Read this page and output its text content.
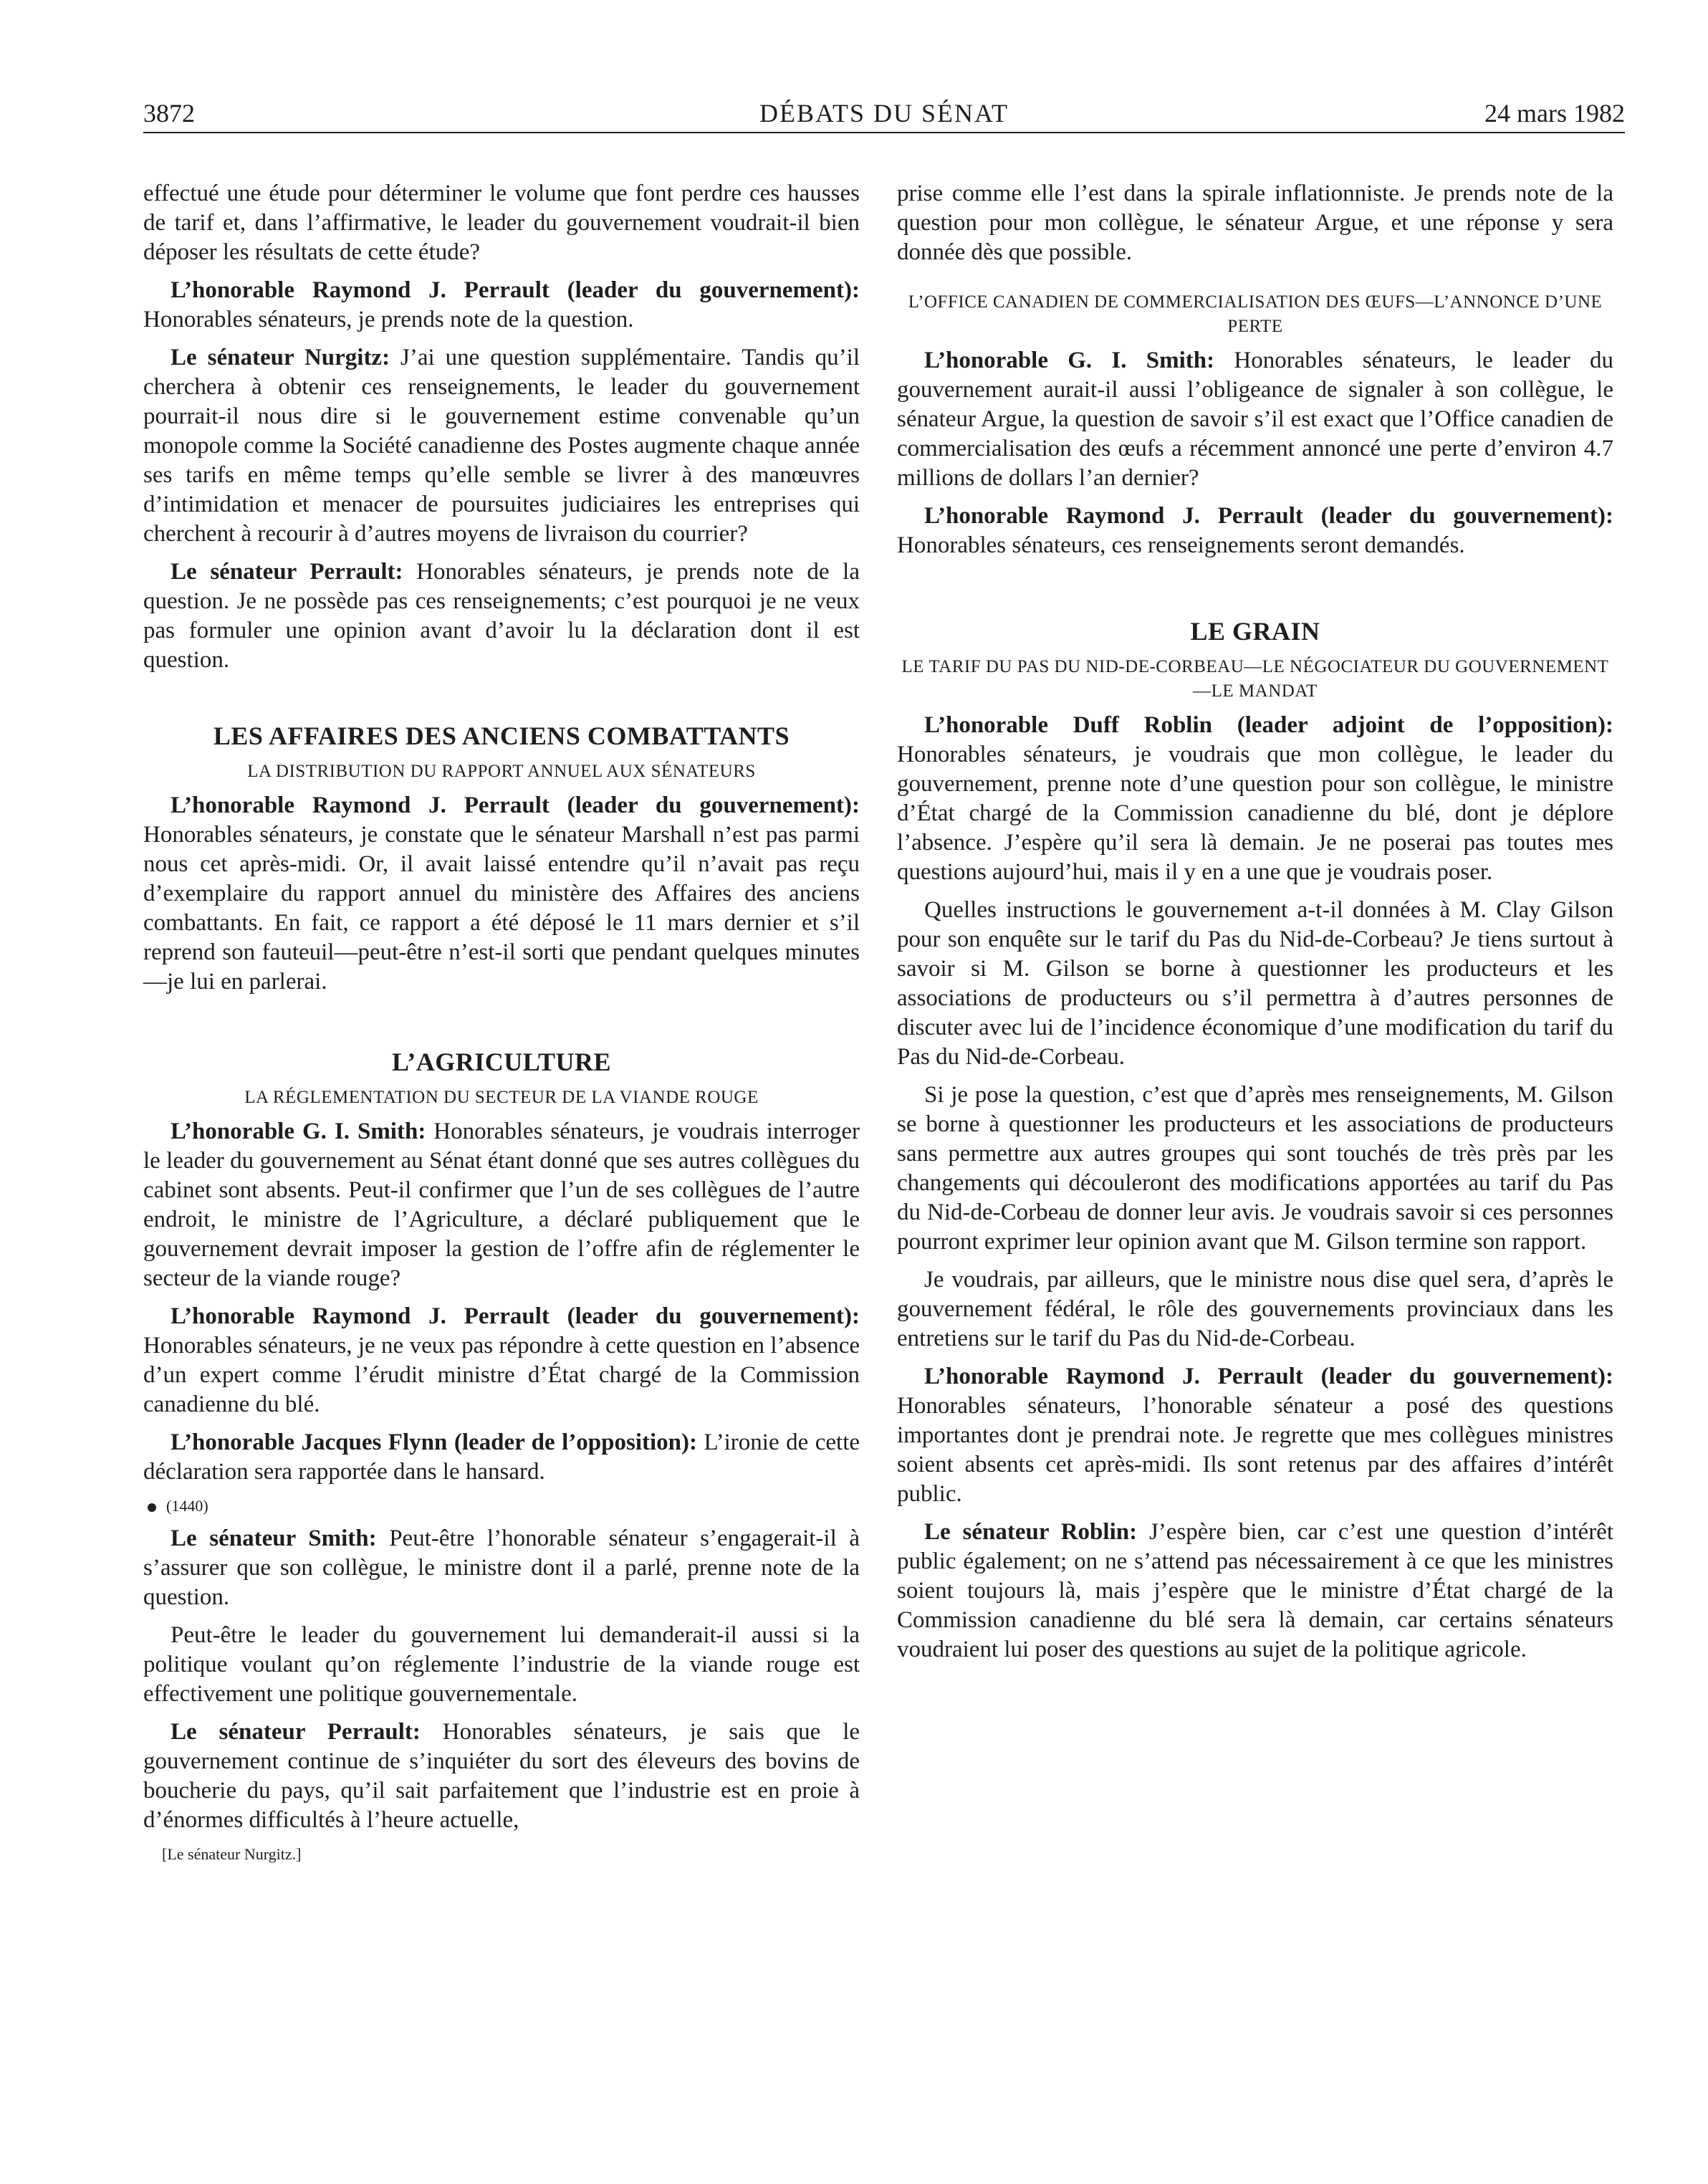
3872	DÉBATS DU SÉNAT	24 mars 1982

effectué une étude pour déterminer le volume que font perdre ces hausses de tarif et, dans l’affirmative, le leader du gouvernement voudrait-il bien déposer les résultats de cette étude?

L’honorable Raymond J. Perrault (leader du gouvernement): Honorables sénateurs, je prends note de la question.

Le sénateur Nurgitz: J’ai une question supplémentaire. Tandis qu’il cherchera à obtenir ces renseignements, le leader du gouvernement pourrait-il nous dire si le gouvernement estime convenable qu’un monopole comme la Société canadienne des Postes augmente chaque année ses tarifs en même temps qu’elle semble se livrer à des manœuvres d’intimidation et menacer de poursuites judiciaires les entreprises qui cherchent à recourir à d’autres moyens de livraison du courrier?

Le sénateur Perrault: Honorables sénateurs, je prends note de la question. Je ne possède pas ces renseignements; c’est pourquoi je ne veux pas formuler une opinion avant d’avoir lu la déclaration dont il est question.

LES AFFAIRES DES ANCIENS COMBATTANTS
LA DISTRIBUTION DU RAPPORT ANNUEL AUX SÉNATEURS

L’honorable Raymond J. Perrault (leader du gouvernement): Honorables sénateurs, je constate que le sénateur Marshall n’est pas parmi nous cet après-midi. Or, il avait laissé entendre qu’il n’avait pas reçu d’exemplaire du rapport annuel du ministère des Affaires des anciens combattants. En fait, ce rapport a été déposé le 11 mars dernier et s’il reprend son fauteuil—peut-être n’est-il sorti que pendant quelques minutes—je lui en parlerai.

L’AGRICULTURE
LA RÉGLEMENTATION DU SECTEUR DE LA VIANDE ROUGE

L’honorable G. I. Smith: Honorables sénateurs, je voudrais interroger le leader du gouvernement au Sénat étant donné que ses autres collègues du cabinet sont absents. Peut-il confirmer que l’un de ses collègues de l’autre endroit, le ministre de l’Agriculture, a déclaré publiquement que le gouvernement devrait imposer la gestion de l’offre afin de réglementer le secteur de la viande rouge?

L’honorable Raymond J. Perrault (leader du gouvernement): Honorables sénateurs, je ne veux pas répondre à cette question en l’absence d’un expert comme l’érudit ministre d’État chargé de la Commission canadienne du blé.

L’honorable Jacques Flynn (leader de l’opposition): L’ironie de cette déclaration sera rapportée dans le hansard.

(1440)

Le sénateur Smith: Peut-être l’honorable sénateur s’engagerait-il à s’assurer que son collègue, le ministre dont il a parlé, prenne note de la question.

Peut-être le leader du gouvernement lui demanderait-il aussi si la politique voulant qu’on réglemente l’industrie de la viande rouge est effectivement une politique gouvernementale.

Le sénateur Perrault: Honorables sénateurs, je sais que le gouvernement continue de s’inquiéter du sort des éleveurs des bovins de boucherie du pays, qu’il sait parfaitement que l’industrie est en proie à d’énormes difficultés à l’heure actuelle,

[Le sénateur Nurgitz.]

prise comme elle l’est dans la spirale inflationniste. Je prends note de la question pour mon collègue, le sénateur Argue, et une réponse y sera donnée dès que possible.

L’OFFICE CANADIEN DE COMMERCIALISATION DES ŒUFS—L’ANNONCE D’UNE PERTE

L’honorable G. I. Smith: Honorables sénateurs, le leader du gouvernement aurait-il aussi l’obligeance de signaler à son collègue, le sénateur Argue, la question de savoir s’il est exact que l’Office canadien de commercialisation des œufs a récemment annoncé une perte d’environ 4.7 millions de dollars l’an dernier?

L’honorable Raymond J. Perrault (leader du gouvernement): Honorables sénateurs, ces renseignements seront demandés.

LE GRAIN
LE TARIF DU PAS DU NID-DE-CORBEAU—LE NÉGOCIATEUR DU GOUVERNEMENT—LE MANDAT

L’honorable Duff Roblin (leader adjoint de l’opposition): Honorables sénateurs, je voudrais que mon collègue, le leader du gouvernement, prenne note d’une question pour son collègue, le ministre d’État chargé de la Commission canadienne du blé, dont je déplore l’absence. J’espère qu’il sera là demain. Je ne poserai pas toutes mes questions aujourd’hui, mais il y en a une que je voudrais poser.

Quelles instructions le gouvernement a-t-il données à M. Clay Gilson pour son enquête sur le tarif du Pas du Nid-de-Corbeau? Je tiens surtout à savoir si M. Gilson se borne à questionner les producteurs et les associations de producteurs ou s’il permettra à d’autres personnes de discuter avec lui de l’incidence économique d’une modification du tarif du Pas du Nid-de-Corbeau.

Si je pose la question, c’est que d’après mes renseignements, M. Gilson se borne à questionner les producteurs et les associations de producteurs sans permettre aux autres groupes qui sont touchés de très près par les changements qui découleront des modifications apportées au tarif du Pas du Nid-de-Corbeau de donner leur avis. Je voudrais savoir si ces personnes pourront exprimer leur opinion avant que M. Gilson termine son rapport.

Je voudrais, par ailleurs, que le ministre nous dise quel sera, d’après le gouvernement fédéral, le rôle des gouvernements provinciaux dans les entretiens sur le tarif du Pas du Nid-de-Corbeau.

L’honorable Raymond J. Perrault (leader du gouvernement): Honorables sénateurs, l’honorable sénateur a posé des questions importantes dont je prendrai note. Je regrette que mes collègues ministres soient absents cet après-midi. Ils sont retenus par des affaires d’intérêt public.

Le sénateur Roblin: J’espère bien, car c’est une question d’intérêt public également; on ne s’attend pas nécessairement à ce que les ministres soient toujours là, mais j’espère que le ministre d’État chargé de la Commission canadienne du blé sera là demain, car certains sénateurs voudraient lui poser des questions au sujet de la politique agricole.
